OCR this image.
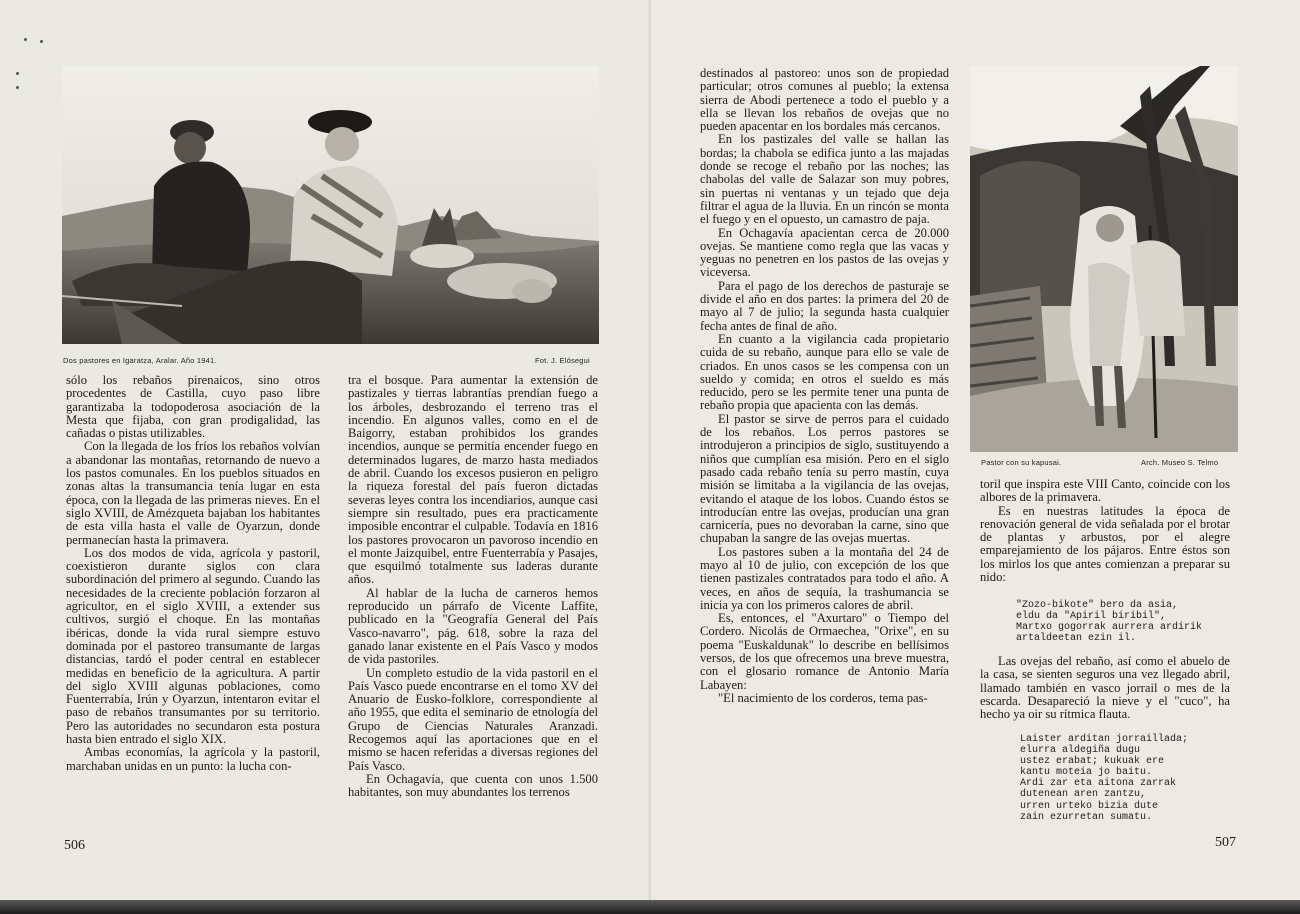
Dos pastores en Igaratza, Aralar. Año 1941.	Fot. J. Elósegui

sólo los rebaños pirenaicos, sino otros procedentes de Castilla, cuyo paso libre garantizaba la todopoderosa asociación de la Mesta que fijaba, con gran prodigalidad, las cañadas o pistas utilizables.

Con la llegada de los fríos los rebaños volvían a abandonar las montañas, retornando de nuevo a los pastos comunales. En los pueblos situados en zonas altas la transumancia tenía lugar en esta época, con la llegada de las primeras nieves. En el siglo XVIII, de Amézqueta bajaban los habitantes de esta villa hasta el valle de Oyarzun, donde permanecían hasta la primavera.

Los dos modos de vida, agrícola y pastoril, coexistieron durante siglos con clara subordinación del primero al segundo. Cuando las necesidades de la creciente población forzaron al agricultor, en el siglo XVIII, a extender sus cultivos, surgió el choque. En las montañas ibéricas, donde la vida rural siempre estuvo dominada por el pastoreo transumante de largas distancias, tardó el poder central en establecer medidas en beneficio de la agricultura. A partir del siglo XVIII algunas poblaciones, como Fuenterrabía, Irún y Oyarzun, intentaron evitar el paso de rebaños transumantes por su territorio. Pero las autoridades no secundaron esta postura hasta bien entrado el siglo XIX.

Ambas economías, la agrícola y la pastoril, marchaban unidas en un punto: la lucha con-

tra el bosque. Para aumentar la extensión de pastizales y tierras labrantías prendían fuego a los árboles, desbrozando el terreno tras el incendio. En algunos valles, como en el de Baigorry, estaban prohibidos los grandes incendios, aunque se permitía encender fuego en determinados lugares, de marzo hasta mediados de abril. Cuando los excesos pusieron en peligro la riqueza forestal del país fueron dictadas severas leyes contra los incendiarios, aunque casi siempre sin resultado, pues era practicamente imposible encontrar el culpable. Todavía en 1816 los pastores provocaron un pavoroso incendio en el monte Jaizquibel, entre Fuenterrabía y Pasajes, que esquilmó totalmente sus laderas durante años.

Al hablar de la lucha de carneros hemos reproducido un párrafo de Vicente Laffite, publicado en la "Geografía General del País Vasco-navarro", pág. 618, sobre la raza del ganado lanar existente en el País Vasco y modos de vida pastoriles.

Un completo estudio de la vida pastoril en el País Vasco puede encontrarse en el tomo XV del Anuario de Eusko-folklore, correspondiente al año 1955, que edita el seminario de etnología del Grupo de Ciencias Naturales Aranzadi. Recogemos aquí las aportaciones que en el mismo se hacen referidas a diversas regiones del País Vasco.

En Ochagavía, que cuenta con unos 1.500 habitantes, son muy abundantes los terrenos

506

destinados al pastoreo: unos son de propiedad particular; otros comunes al pueblo; la extensa sierra de Abodi pertenece a todo el pueblo y a ella se llevan los rebaños de ovejas que no pueden apacentar en los bordales más cercanos.

En los pastizales del valle se hallan las bordas; la chabola se edifica junto a las majadas donde se recoge el rebaño por las noches; las chabolas del valle de Salazar son muy pobres, sin puertas ni ventanas y un tejado que deja filtrar el agua de la lluvia. En un rincón se monta el fuego y en el opuesto, un camastro de paja.

En Ochagavía apacientan cerca de 20.000 ovejas. Se mantiene como regla que las vacas y yeguas no penetren en los pastos de las ovejas y viceversa.

Para el pago de los derechos de pasturaje se divide el año en dos partes: la primera del 20 de mayo al 7 de julio; la segunda hasta cualquier fecha antes de final de año.

En cuanto a la vigilancia cada propietario cuida de su rebaño, aunque para ello se vale de criados. En unos casos se les compensa con un sueldo y comida; en otros el sueldo es más reducido, pero se les permite tener una punta de rebaño propia que apacienta con las demás.

El pastor se sirve de perros para el cuidado de los rebaños. Los perros pastores se introdujeron a principios de siglo, sustituyendo a niños que cumplían esa misión. Pero en el siglo pasado cada rebaño tenía su perro mastín, cuya misión se limitaba a la vigilancia de las ovejas, evitando el ataque de los lobos. Cuando éstos se introducían entre las ovejas, producían una gran carnicería, pues no devoraban la carne, sino que chupaban la sangre de las ovejas muertas.

Los pastores suben a la montaña del 24 de mayo al 10 de julio, con excepción de los que tienen pastizales contratados para todo el año. A veces, en años de sequía, la trashumancia se inicia ya con los primeros calores de abril.

Es, entonces, el "Axurtaro" o Tiempo del Cordero. Nicolás de Ormaechea, "Orixe", en su poema "Euskaldunak" lo describe en bellísimos versos, de los que ofrecemos una breve muestra, con el glosario romance de Antonio María Labayen:

"El nacimiento de los corderos, tema pas-

Pastor con su kapusai.	Arch. Museo S. Telmo

toril que inspira este VIII Canto, coincide con los albores de la primavera.

Es en nuestras latitudes la época de renovación general de vida señalada por el brotar de plantas y arbustos, por el alegre emparejamiento de los pájaros. Entre éstos son los mirlos los que antes comienzan a preparar su nido:

"Zozo-bikote" bero da asia,
eldu da "Apiril biribil",
Martxo gogorrak aurrera ardirik
artaldeetan ezin il.

Las ovejas del rebaño, así como el abuelo de la casa, se sienten seguros una vez llegado abril, llamado también en vasco jorrail o mes de la escarda. Desapareció la nieve y el "cuco", ha hecho ya oir su rítmica flauta.

Laister arditan jorraillada;
elurra aldegiña dugu
ustez erabat; kukuak ere
kantu moteia jo baitu.
Ardi zar eta aitona zarrak
dutenean aren zantzu,
urren urteko bizia dute
zain ezurretan sumatu.
507
